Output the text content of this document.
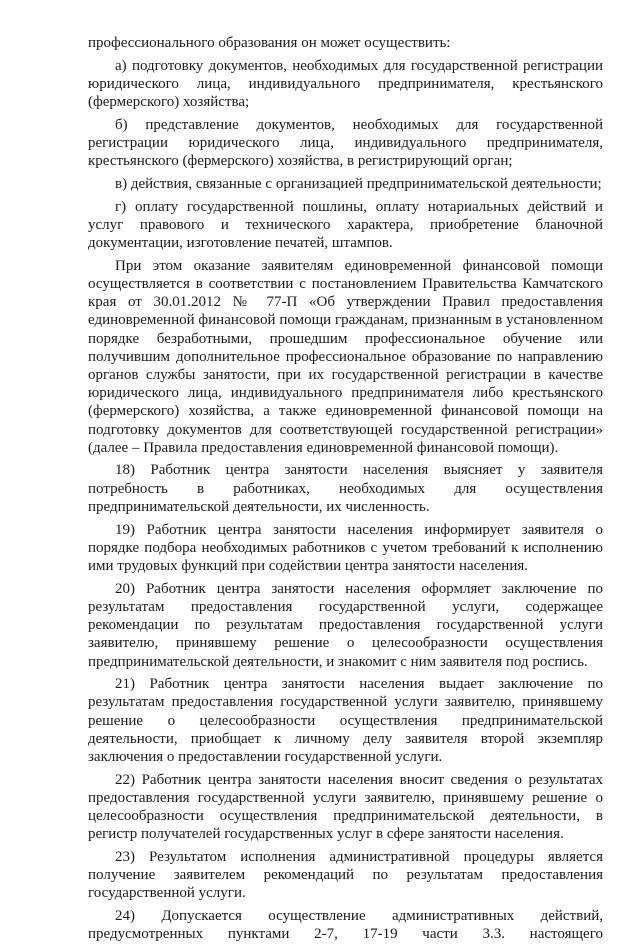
профессионального образования он может осуществить:

а) подготовку документов, необходимых для государственной регистрации юридического лица, индивидуального предпринимателя, крестьянского (фермерского) хозяйства;

б) представление документов, необходимых для государственной регистрации юридического лица, индивидуального предпринимателя, крестьянского (фермерского) хозяйства, в регистрирующий орган;

в) действия, связанные с организацией предпринимательской деятельности;

г) оплату государственной пошлины, оплату нотариальных действий и услуг правового и технического характера, приобретение бланочной документации, изготовление печатей, штампов.

При этом оказание заявителям единовременной финансовой помощи осуществляется в соответствии с постановлением Правительства Камчатского края от 30.01.2012 № 77-П «Об утверждении Правил предоставления единовременной финансовой помощи гражданам, признанным в установленном порядке безработными, прошедшим профессиональное обучение или получившим дополнительное профессиональное образование по направлению органов службы занятости, при их государственной регистрации в качестве юридического лица, индивидуального предпринимателя либо крестьянского (фермерского) хозяйства, а также единовременной финансовой помощи на подготовку документов для соответствующей государственной регистрации» (далее – Правила предоставления единовременной финансовой помощи).

18) Работник центра занятости населения выясняет у заявителя потребность в работниках, необходимых для осуществления предпринимательской деятельности, их численность.

19) Работник центра занятости населения информирует заявителя о порядке подбора необходимых работников с учетом требований к исполнению ими трудовых функций при содействии центра занятости населения.

20) Работник центра занятости населения оформляет заключение по результатам предоставления государственной услуги, содержащее рекомендации по результатам предоставления государственной услуги заявителю, принявшему решение о целесообразности осуществления предпринимательской деятельности, и знакомит с ним заявителя под роспись.

21) Работник центра занятости населения выдает заключение по результатам предоставления государственной услуги заявителю, принявшему решение о целесообразности осуществления предпринимательской деятельности, приобщает к личному делу заявителя второй экземпляр заключения о предоставлении государственной услуги.

22) Работник центра занятости населения вносит сведения о результатах предоставления государственной услуги заявителю, принявшему решение о целесообразности осуществления предпринимательской деятельности, в регистр получателей государственных услуг в сфере занятости населения.

23) Результатом исполнения административной процедуры является получение заявителем рекомендаций по результатам предоставления государственной услуги.

24) Допускается осуществление административных действий, предусмотренных пунктами 2-7, 17-19 части 3.3. настоящего
